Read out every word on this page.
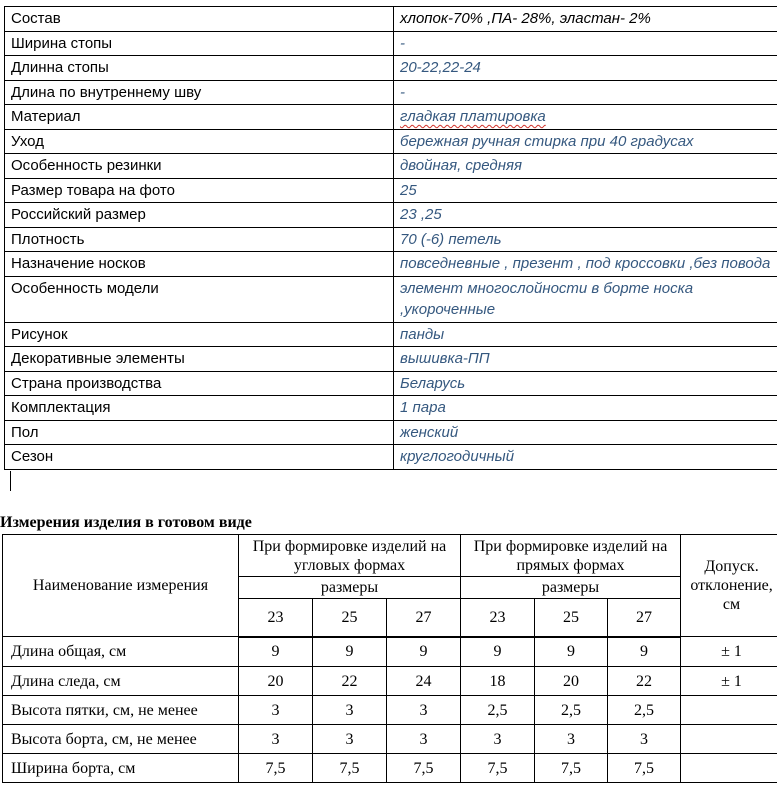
Состав	хлопок-70% ,ПА- 28%, эластан- 2%
Ширина стопы	-
Длинна стопы	20-22,22-24
Длина по внутреннему шву	-
Материал	гладкая платировка
Уход	бережная ручная стирка при 40 градусах
Особенность резинки	двойная, средняя
Размер товара на фото	25
Российский размер	23 ,25
Плотность	70 (-6) петель
Назначение носков	повседневные , презент , под кроссовки ,без повода
Особенность модели	элемент многослойности в борте носка ,укороченные
Рисунок	панды
Декоративные элементы	вышивка-ПП
Страна производства	Беларусь
Комплектация	1 пара
Пол	женский
Сезон	круглогодичный
Измерения изделия в готовом виде
Наименование измерения	При формировке изделий на угловых формах			При формировке изделий на прямых формах			Допуск. отклонение, см
	размеры			размеры			
	23	25	27	23	25	27	
Длина общая, см	9	9	9	9	9	9	± 1
Длина следа, см	20	22	24	18	20	22	± 1
Высота пятки, см, не менее	3	3	3	2,5	2,5	2,5	
Высота борта, см, не менее	3	3	3	3	3	3	
Ширина борта, см	7,5	7,5	7,5	7,5	7,5	7,5	
